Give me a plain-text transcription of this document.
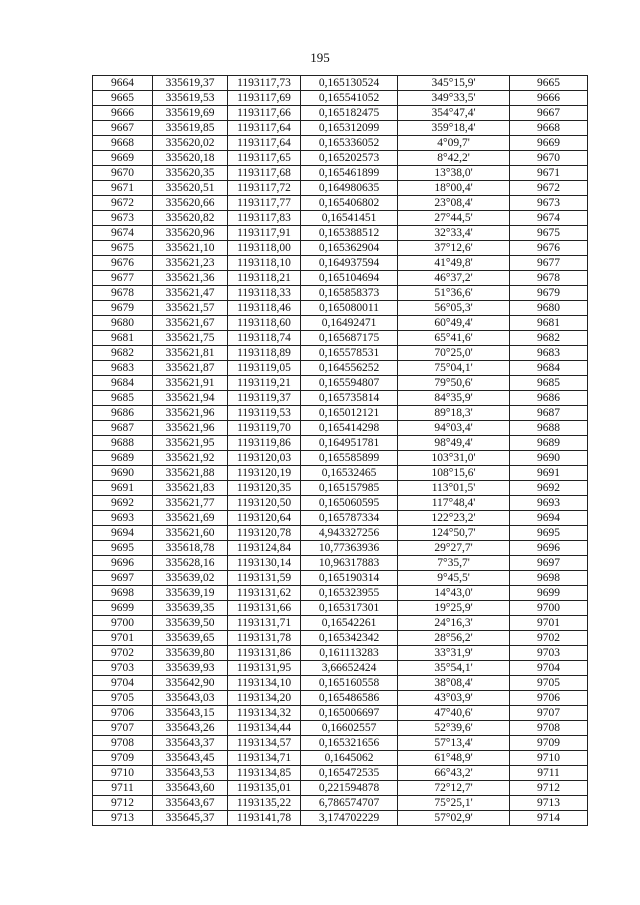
195
9664	335619,37	1193117,73	0,165130524	345°15,9'	9665
9665	335619,53	1193117,69	0,165541052	349°33,5'	9666
9666	335619,69	1193117,66	0,165182475	354°47,4'	9667
9667	335619,85	1193117,64	0,165312099	359°18,4'	9668
9668	335620,02	1193117,64	0,165336052	4°09,7'	9669
9669	335620,18	1193117,65	0,165202573	8°42,2'	9670
9670	335620,35	1193117,68	0,165461899	13°38,0'	9671
9671	335620,51	1193117,72	0,164980635	18°00,4'	9672
9672	335620,66	1193117,77	0,165406802	23°08,4'	9673
9673	335620,82	1193117,83	0,16541451	27°44,5'	9674
9674	335620,96	1193117,91	0,165388512	32°33,4'	9675
9675	335621,10	1193118,00	0,165362904	37°12,6'	9676
9676	335621,23	1193118,10	0,164937594	41°49,8'	9677
9677	335621,36	1193118,21	0,165104694	46°37,2'	9678
9678	335621,47	1193118,33	0,165858373	51°36,6'	9679
9679	335621,57	1193118,46	0,165080011	56°05,3'	9680
9680	335621,67	1193118,60	0,16492471	60°49,4'	9681
9681	335621,75	1193118,74	0,165687175	65°41,6'	9682
9682	335621,81	1193118,89	0,165578531	70°25,0'	9683
9683	335621,87	1193119,05	0,164556252	75°04,1'	9684
9684	335621,91	1193119,21	0,165594807	79°50,6'	9685
9685	335621,94	1193119,37	0,165735814	84°35,9'	9686
9686	335621,96	1193119,53	0,165012121	89°18,3'	9687
9687	335621,96	1193119,70	0,165414298	94°03,4'	9688
9688	335621,95	1193119,86	0,164951781	98°49,4'	9689
9689	335621,92	1193120,03	0,165585899	103°31,0'	9690
9690	335621,88	1193120,19	0,16532465	108°15,6'	9691
9691	335621,83	1193120,35	0,165157985	113°01,5'	9692
9692	335621,77	1193120,50	0,165060595	117°48,4'	9693
9693	335621,69	1193120,64	0,165787334	122°23,2'	9694
9694	335621,60	1193120,78	4,943327256	124°50,7'	9695
9695	335618,78	1193124,84	10,77363936	29°27,7'	9696
9696	335628,16	1193130,14	10,96317883	7°35,7'	9697
9697	335639,02	1193131,59	0,165190314	9°45,5'	9698
9698	335639,19	1193131,62	0,165323955	14°43,0'	9699
9699	335639,35	1193131,66	0,165317301	19°25,9'	9700
9700	335639,50	1193131,71	0,16542261	24°16,3'	9701
9701	335639,65	1193131,78	0,165342342	28°56,2'	9702
9702	335639,80	1193131,86	0,161113283	33°31,9'	9703
9703	335639,93	1193131,95	3,66652424	35°54,1'	9704
9704	335642,90	1193134,10	0,165160558	38°08,4'	9705
9705	335643,03	1193134,20	0,165486586	43°03,9'	9706
9706	335643,15	1193134,32	0,165006697	47°40,6'	9707
9707	335643,26	1193134,44	0,16602557	52°39,6'	9708
9708	335643,37	1193134,57	0,165321656	57°13,4'	9709
9709	335643,45	1193134,71	0,1645062	61°48,9'	9710
9710	335643,53	1193134,85	0,165472535	66°43,2'	9711
9711	335643,60	1193135,01	0,221594878	72°12,7'	9712
9712	335643,67	1193135,22	6,786574707	75°25,1'	9713
9713	335645,37	1193141,78	3,174702229	57°02,9'	9714
